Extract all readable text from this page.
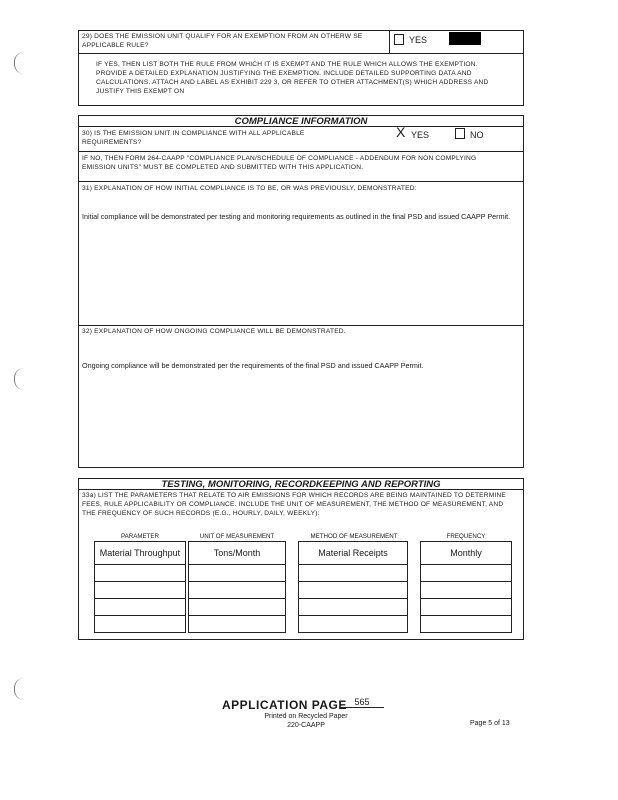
29) DOES THE EMISSION UNIT QUALIFY FOR AN EXEMPTION FROM AN OTHERW SE APPLICABLE RULE?
YES
IF YES, THEN LIST BOTH THE RULE FROM WHICH IT IS EXEMPT AND THE RULE WHICH ALLOWS THE EXEMPTION. PROVIDE A DETAILED EXPLANATION JUSTIFYING THE EXEMPTION. INCLUDE DETAILED SUPPORTING DATA AND CALCULATIONS. ATTACH AND LABEL AS EXHIBIT 229 3, OR REFER TO OTHER ATTACHMENT(S) WHICH ADDRESS AND JUSTIFY THIS EXEMPT ON
COMPLIANCE INFORMATION
30) IS THE EMISSION UNIT IN COMPLIANCE WITH ALL APPLICABLE REQUIREMENTS?
X YES	NO
IF NO, THEN FORM 264-CAAPP "COMPLIANCE PLAN/SCHEDULE OF COMPLIANCE - ADDENDUM FOR NON COMPLYING EMISSION UNITS" MUST BE COMPLETED AND SUBMITTED WITH THIS APPLICATION.
31) EXPLANATION OF HOW INITIAL COMPLIANCE IS TO BE, OR WAS PREVIOUSLY, DEMONSTRATED:
Initial compliance will be demonstrated per testing and monitoring requirements as outlined in the final PSD and issued CAAPP Permit.
32) EXPLANATION OF HOW ONGOING COMPLIANCE WILL BE DEMONSTRATED.
Ongoing compliance will be demonstrated per the requirements of the final PSD and issued CAAPP Permit.
TESTING, MONITORING, RECORDKEEPING AND REPORTING
33a) LIST THE PARAMETERS THAT RELATE TO AIR EMISSIONS FOR WHICH RECORDS ARE BEING MAINTAINED TO DETERMINE FEES, RULE APPLICABILITY OR COMPLIANCE. INCLUDE THE UNIT OF MEASUREMENT, THE METHOD OF MEASUREMENT, AND THE FREQUENCY OF SUCH RECORDS (E.G., HOURLY, DAILY, WEEKLY):
PARAMETER	UNIT OF MEASUREMENT	METHOD OF MEASUREMENT	FREQUENCY
Material Throughput	Tons/Month	Material Receipts	Monthly
APPLICATION PAGE 565
Printed on Recycled Paper
220-CAAPP	Page 5 of 13
